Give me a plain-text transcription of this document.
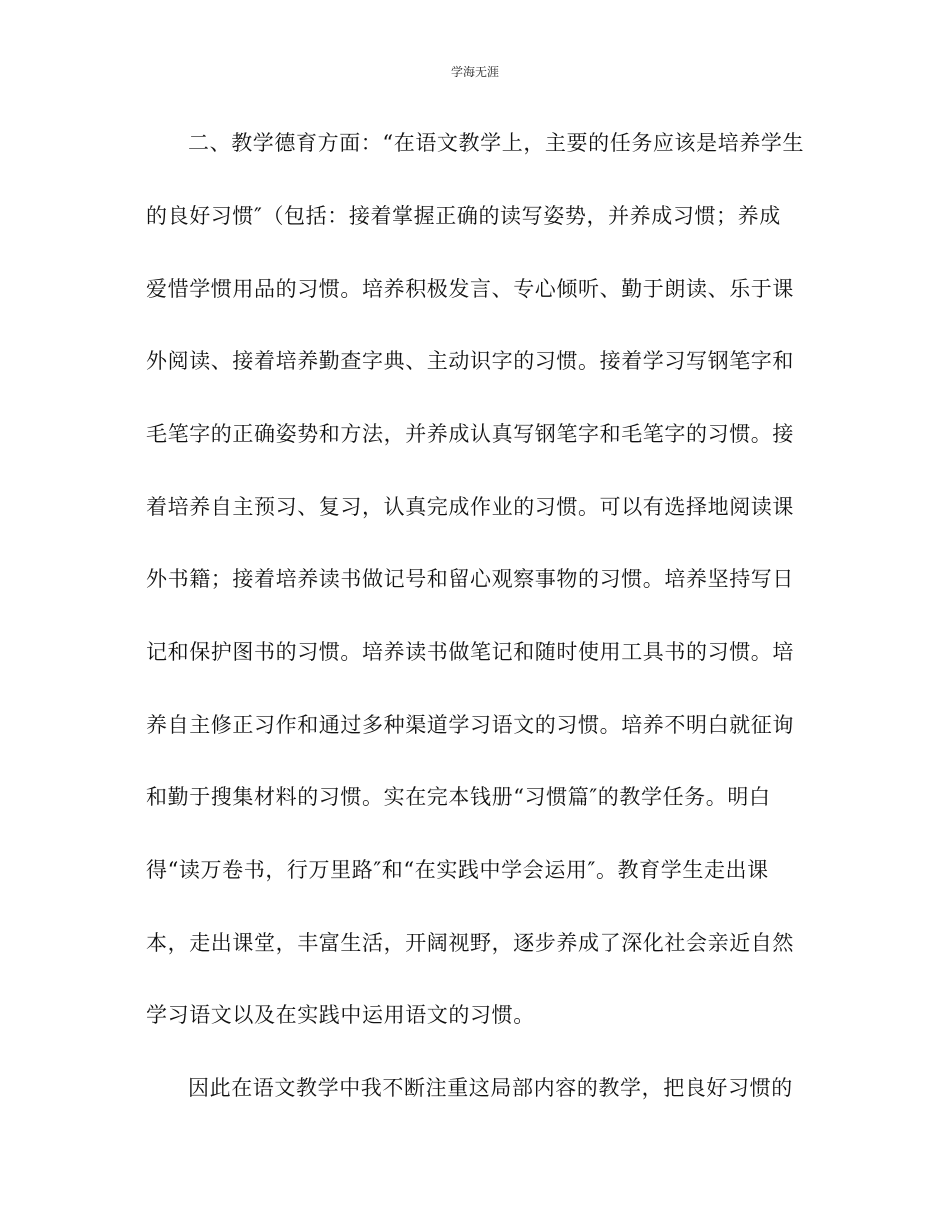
学海无涯
二、教学德育方面：“在语文教学上，主要的任务应该是培养学生
的良好习惯″（包括：接着掌握正确的读写姿势，并养成习惯；养成
爱惜学惯用品的习惯。培养积极发言、专心倾听、勤于朗读、乐于课
外阅读、接着培养勤查字典、主动识字的习惯。接着学习写钢笔字和
毛笔字的正确姿势和方法，并养成认真写钢笔字和毛笔字的习惯。接
着培养自主预习、复习，认真完成作业的习惯。可以有选择地阅读课
外书籍；接着培养读书做记号和留心观察事物的习惯。培养坚持写日
记和保护图书的习惯。培养读书做笔记和随时使用工具书的习惯。培
养自主修正习作和通过多种渠道学习语文的习惯。培养不明白就征询
和勤于搜集材料的习惯。实在完本钱册“习惯篇″的教学任务。明白
得“读万卷书，行万里路″和“在实践中学会运用″。教育学生走出课
本，走出课堂，丰富生活，开阔视野，逐步养成了深化社会亲近自然
学习语文以及在实践中运用语文的习惯。
因此在语文教学中我不断注重这局部内容的教学，把良好习惯的
